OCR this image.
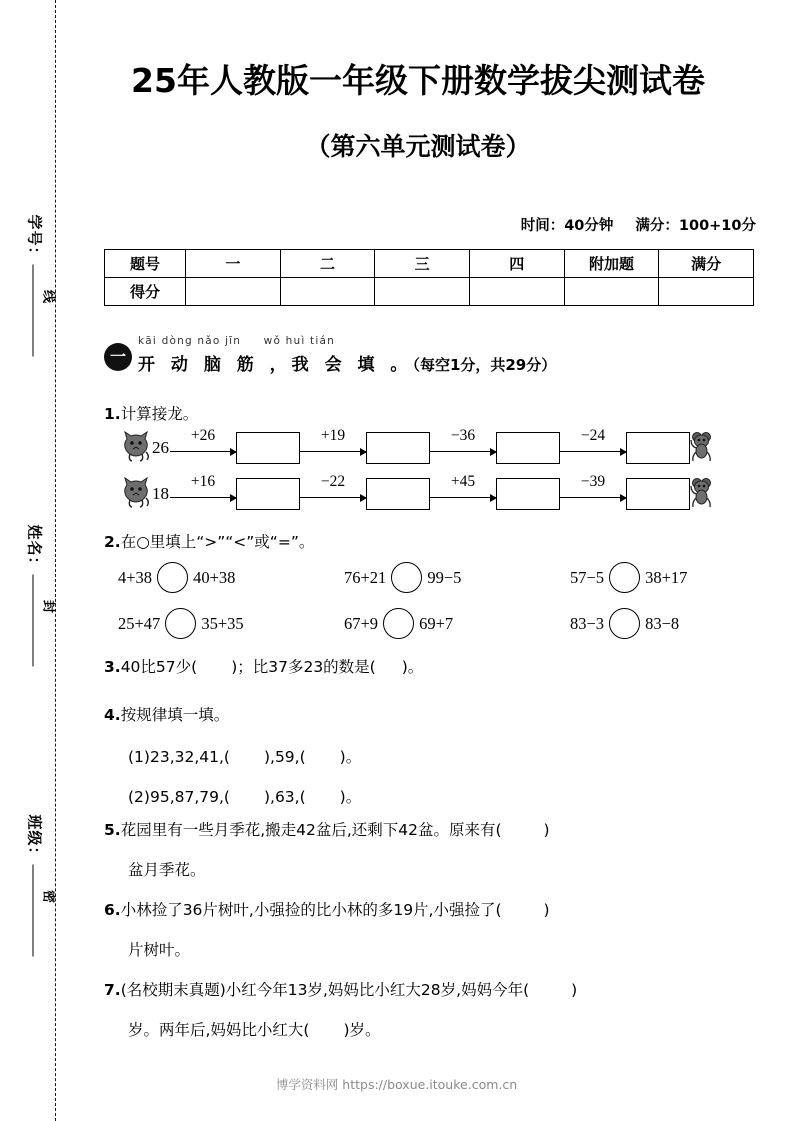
学号：
姓名：
班级：
线
封
密
25年人教版一年级下册数学拔尖测试卷
（第六单元测试卷）
时间：40分钟 满分：100+10分
题号	一	二	三	四	附加题	满分
得分						
一
kāi dòng nǎo jīn wǒ huì tián
开 动 脑 筋 ，我 会 填 。（每空1分，共29分）
1.计算接龙。
26
+26	+19	−36	−24
18
+16	−22	+45	−39
2.在○里填上“>”“<”或“=”。
4+38 40+38	76+21 99−5	57−5 38+17
25+47 35+35	67+9 69+7	83−3 83−8
3.40比57少( )；比37多23的数是( )。
4.按规律填一填。
(1)23,32,41,( ),59,( )。
(2)95,87,79,( ),63,( )。
5.花园里有一些月季花,搬走42盆后,还剩下42盆。原来有(	)
盆月季花。
6.小林捡了36片树叶,小强捡的比小林的多19片,小强捡了(	)
片树叶。
7.(名校期末真题)小红今年13岁,妈妈比小红大28岁,妈妈今年(	)
岁。两年后,妈妈比小红大( )岁。
博学资料网 https://boxue.itouke.com.cn
